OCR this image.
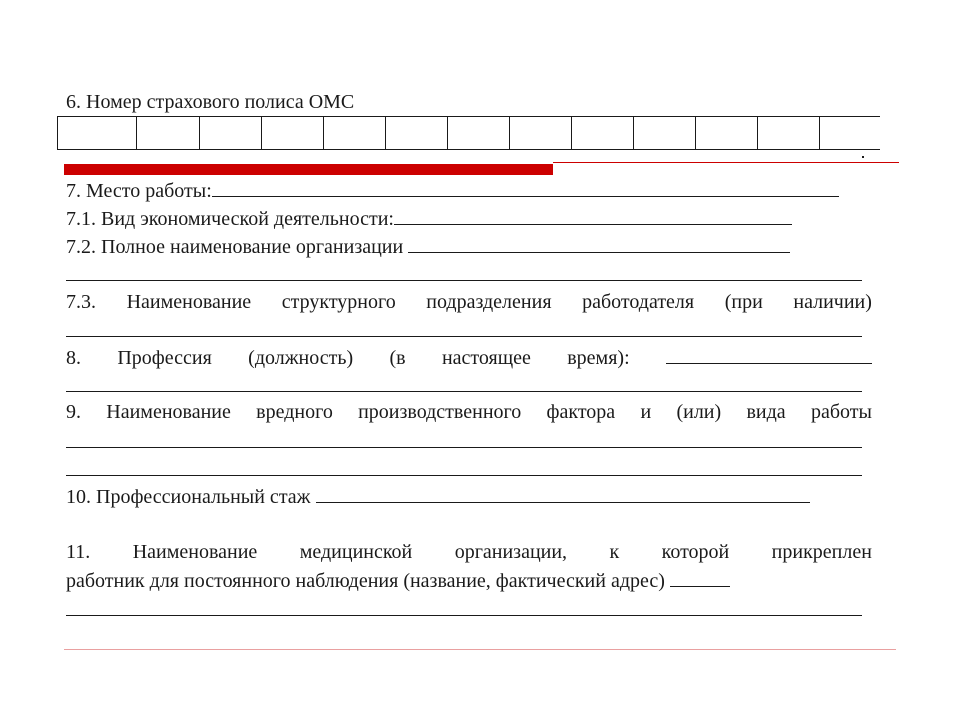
6. Номер страхового полиса ОМС
7. Место работы:
7.1. Вид экономической деятельности:
7.2. Полное наименование организации
7.3. Наименование структурного подразделения работодателя (при наличии)
8. Профессия (должность) (в настоящее время):
9. Наименование вредного производственного фактора и (или) вида работы
10. Профессиональный стаж
11. Наименование медицинской организации, к которой прикреплен
работник для постоянного наблюдения (название, фактический адрес)
